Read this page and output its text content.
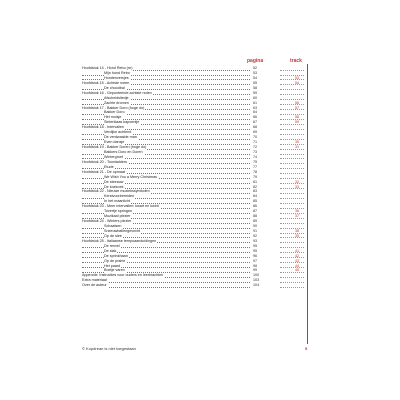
pagina	track
Hoofdstuk 14 - Hond Rebo (re)	52
Mijn hond Rebo	53
Hondenversjes	54	53
Hoofdstuk 15 - Achtste noten	55	54
De choodbal	58
Hoofdstuk 16 - Gepunteerde achtste noten	59
Afscheidsliedje	60
Zachte dromen	61	56
Hoofdstuk 17 - Bakker Doro (hoge do)	63	57
Bakker Doro	64
Het muisje	66	58
Sinterklaas kapoentje	67	59
Hoofdstuk 18 - Intervallen	68
Verdijke achtend	69
De verdwaalde man	70
Even dansje	71	30
Hoofdstuk 19 - Bakker Doren (hoge do)	72	31
Bakkers Doro en Doren	73
Wintergroet	74
Hoofdstuk 20 - Toonladders	75
Etude	77
Hoofdstuk 21 - De opmaat	78
We Wish You a Merry Christmas	79
De steeauw	81	32
De koekoek	82	33
Hoofdstuk 22 - Nieuwe muziekssymbolen	83
Kerstvoorbereiden	84
In het maanlicht	85
Hoofdstuk 23 - Meer intervallen: kwart en kwint	86
Tovertje springen	87	36
Muzikaal plezier	88	37
Hoofdstuk 24 - Winters plezier	89
Schaatsen	90
Sneeuwballengevecht	91	38
Op de slee	92	39
Hoofdstuk 25 - Italiaanse tempoaanduidingen	93
De renvel	95
De slak	95	41
De sprinkhaan	96	42
Op de prairie	97	43
Het paard	98	44
Boetje varen	99	45
Appendix: Instructies voor ouders en leerkrachten	100
Extra materiaal	103
Over de auteur	104
© Kopdrean is niet toegestaan	5
